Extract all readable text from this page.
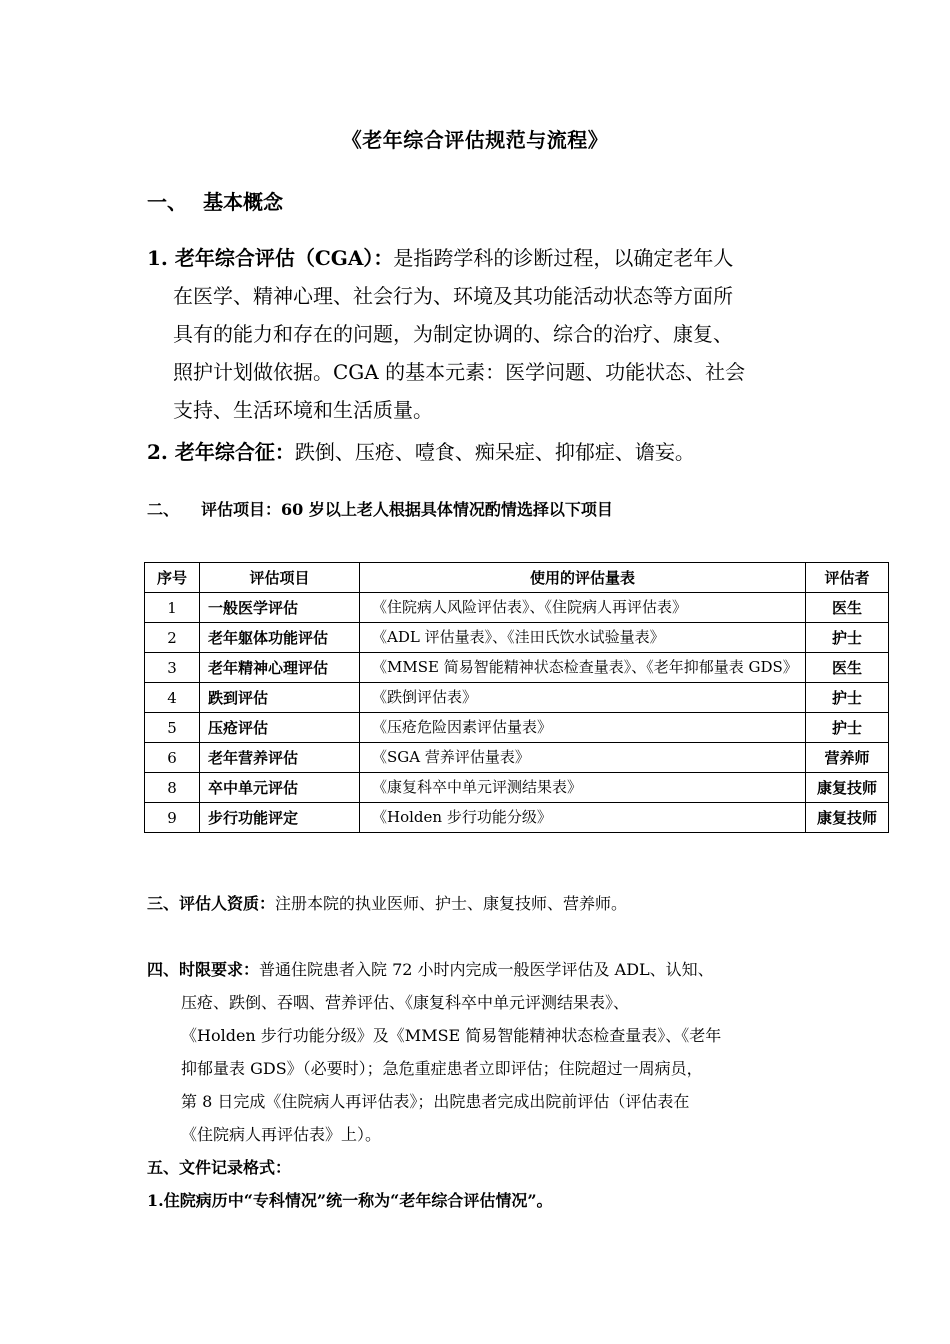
《老年综合评估规范与流程》
一、 基本概念
1. 老年综合评估（CGA）：是指跨学科的诊断过程，以确定老年人
在医学、精神心理、社会行为、环境及其功能活动状态等方面所
具有的能力和存在的问题，为制定协调的、综合的治疗、康复、
照护计划做依据。CGA 的基本元素：医学问题、功能状态、社会
支持、生活环境和生活质量。
2. 老年综合征：跌倒、压疮、噎食、痴呆症、抑郁症、谵妄。
二、 评估项目：60 岁以上老人根据具体情况酌情选择以下项目
序号	评估项目	使用的评估量表	评估者
1	一般医学评估	《住院病人风险评估表》、《住院病人再评估表》	医生
2	老年躯体功能评估	《ADL 评估量表》、《洼田氏饮水试验量表》	护士
3	老年精神心理评估	《MMSE 简易智能精神状态检查量表》、《老年抑郁量表 GDS》	医生
4	跌到评估	《跌倒评估表》	护士
5	压疮评估	《压疮危险因素评估量表》	护士
6	老年营养评估	《SGA 营养评估量表》	营养师
8	卒中单元评估	《康复科卒中单元评测结果表》	康复技师
9	步行功能评定	《Holden 步行功能分级》	康复技师
三、评估人资质：注册本院的执业医师、护士、康复技师、营养师。
四、时限要求：普通住院患者入院 72 小时内完成一般医学评估及 ADL、认知、
压疮、跌倒、吞咽、营养评估、《康复科卒中单元评测结果表》、
《Holden 步行功能分级》及《MMSE 简易智能精神状态检查量表》、《老年
抑郁量表 GDS》（必要时）；急危重症患者立即评估；住院超过一周病员，
第 8 日完成《住院病人再评估表》；出院患者完成出院前评估（评估表在
《住院病人再评估表》上）。
五、文件记录格式：
1.住院病历中“专科情况”统一称为“老年综合评估情况”。
